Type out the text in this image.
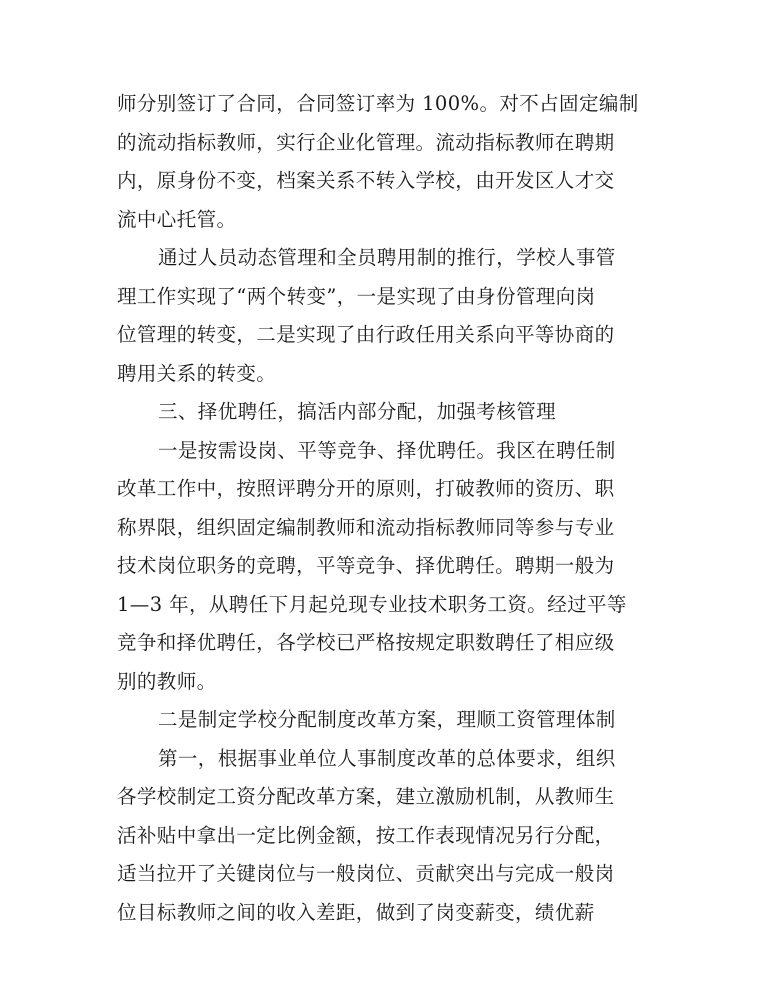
师分别签订了合同，合同签订率为 100%。对不占固定编制
的流动指标教师，实行企业化管理。流动指标教师在聘期
内，原身份不变，档案关系不转入学校，由开发区人才交
流中心托管。
通过人员动态管理和全员聘用制的推行，学校人事管
理工作实现了“两个转变”，一是实现了由身份管理向岗
位管理的转变，二是实现了由行政任用关系向平等协商的
聘用关系的转变。
三、择优聘任，搞活内部分配，加强考核管理
一是按需设岗、平等竞争、择优聘任。我区在聘任制
改革工作中，按照评聘分开的原则，打破教师的资历、职
称界限，组织固定编制教师和流动指标教师同等参与专业
技术岗位职务的竞聘，平等竞争、择优聘任。聘期一般为
1—3 年，从聘任下月起兑现专业技术职务工资。经过平等
竞争和择优聘任，各学校已严格按规定职数聘任了相应级
别的教师。
二是制定学校分配制度改革方案，理顺工资管理体制
第一，根据事业单位人事制度改革的总体要求，组织
各学校制定工资分配改革方案，建立激励机制，从教师生
活补贴中拿出一定比例金额，按工作表现情况另行分配，
适当拉开了关键岗位与一般岗位、贡献突出与完成一般岗
位目标教师之间的收入差距，做到了岗变薪变，绩优薪
